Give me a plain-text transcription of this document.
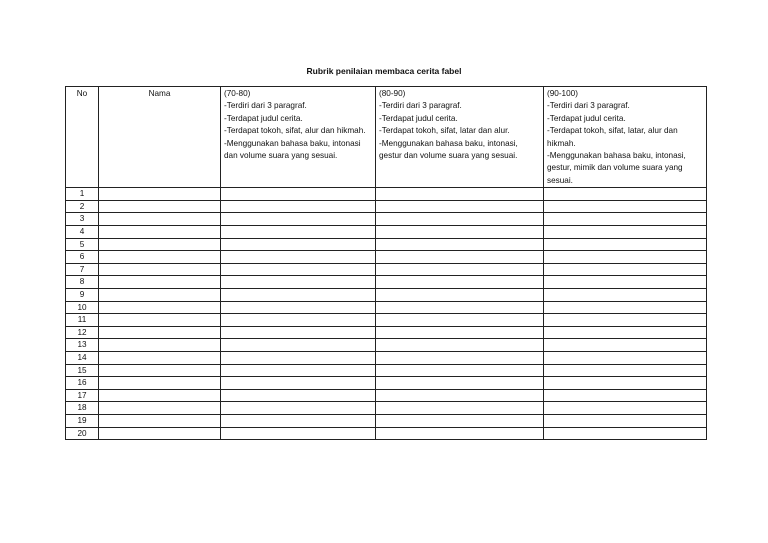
Rubrik penilaian membaca cerita fabel
No	Nama	(70-80)
-Terdiri dari 3 paragraf.
-Terdapat judul cerita.
-Terdapat tokoh, sifat, alur dan hikmah.
-Menggunakan bahasa baku, intonasi dan volume suara yang sesuai.	(80-90)
-Terdiri dari 3 paragraf.
-Terdapat judul cerita.
-Terdapat tokoh, sifat, latar dan alur.
-Menggunakan bahasa baku, intonasi, gestur dan volume suara yang sesuai.	(90-100)
-Terdiri dari 3 paragraf.
-Terdapat judul cerita.
-Terdapat tokoh, sifat, latar, alur dan hikmah.
-Menggunakan bahasa baku, intonasi, gestur, mimik dan volume suara yang sesuai.

1				
2				
3				
4				
5				
6				
7				
8				
9				
10				
11				
12				
13				
14				
15				
16				
17				
18				
19				
20				
